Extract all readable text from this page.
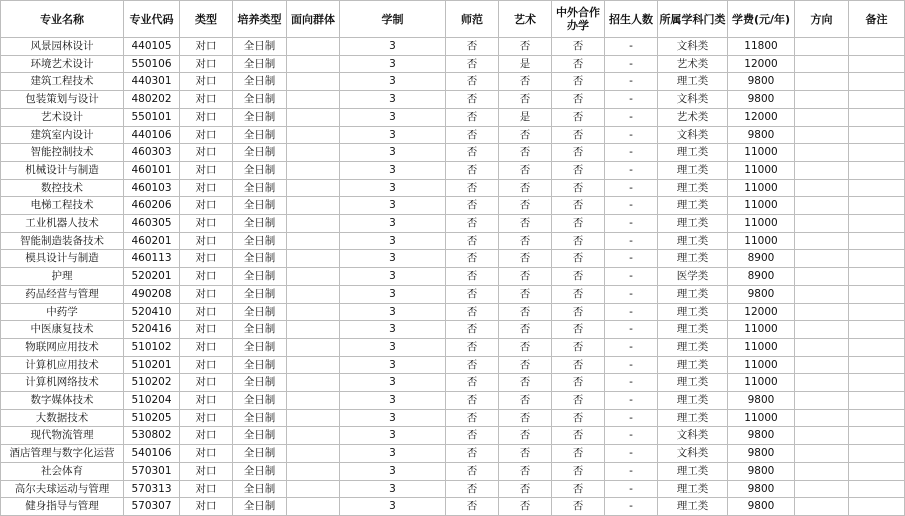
专业名称	专业代码	类型	培养类型	面向群体	学制	师范	艺术	中外合作办学	招生人数	所属学科门类	学费(元/年)	方向	备注
风景园林设计	440105	对口	全日制		3	否	否	否	-	文科类	11800		
环境艺术设计	550106	对口	全日制		3	否	是	否	-	艺术类	12000		
建筑工程技术	440301	对口	全日制		3	否	否	否	-	理工类	9800		
包装策划与设计	480202	对口	全日制		3	否	否	否	-	文科类	9800		
艺术设计	550101	对口	全日制		3	否	是	否	-	艺术类	12000		
建筑室内设计	440106	对口	全日制		3	否	否	否	-	文科类	9800		
智能控制技术	460303	对口	全日制		3	否	否	否	-	理工类	11000		
机械设计与制造	460101	对口	全日制		3	否	否	否	-	理工类	11000		
数控技术	460103	对口	全日制		3	否	否	否	-	理工类	11000		
电梯工程技术	460206	对口	全日制		3	否	否	否	-	理工类	11000		
工业机器人技术	460305	对口	全日制		3	否	否	否	-	理工类	11000		
智能制造装备技术	460201	对口	全日制		3	否	否	否	-	理工类	11000		
模具设计与制造	460113	对口	全日制		3	否	否	否	-	理工类	8900		
护理	520201	对口	全日制		3	否	否	否	-	医学类	8900		
药品经营与管理	490208	对口	全日制		3	否	否	否	-	理工类	9800		
中药学	520410	对口	全日制		3	否	否	否	-	理工类	12000		
中医康复技术	520416	对口	全日制		3	否	否	否	-	理工类	11000		
物联网应用技术	510102	对口	全日制		3	否	否	否	-	理工类	11000		
计算机应用技术	510201	对口	全日制		3	否	否	否	-	理工类	11000		
计算机网络技术	510202	对口	全日制		3	否	否	否	-	理工类	11000		
数字媒体技术	510204	对口	全日制		3	否	否	否	-	理工类	9800		
大数据技术	510205	对口	全日制		3	否	否	否	-	理工类	11000		
现代物流管理	530802	对口	全日制		3	否	否	否	-	文科类	9800		
酒店管理与数字化运营	540106	对口	全日制		3	否	否	否	-	文科类	9800		
社会体育	570301	对口	全日制		3	否	否	否	-	理工类	9800		
高尔夫球运动与管理	570313	对口	全日制		3	否	否	否	-	理工类	9800		
健身指导与管理	570307	对口	全日制		3	否	否	否	-	理工类	9800		
